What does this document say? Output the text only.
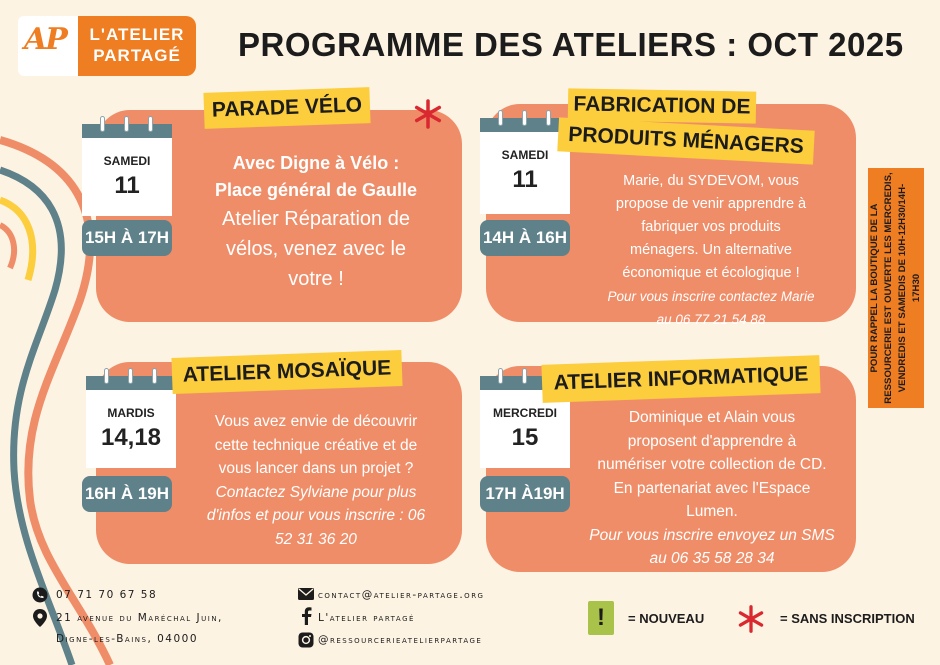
AP	L'ATELIER
PARTAGÉ	PROGRAMME DES ATELIERS : OCT 2025
Avec Digne à Vélo :
Place général de Gaulle
Atelier Réparation de
vélos, venez avec le
votre !
SAMEDI
11
15H À 17H
PARADE VÉLO
Marie, du SYDEVOM, vous
propose de venir apprendre à
fabriquer vos produits
ménagers. Un alternative
économique et écologique !
Pour vous inscrire contactez Marie
au 06 77 21 54 88
SAMEDI
11
14H À 16H
FABRICATION DE
PRODUITS MÉNAGERS
Vous avez envie de découvrir
cette technique créative et de
vous lancer dans un projet ?
Contactez Sylviane pour plus
d'infos et pour vous inscrire : 06
52 31 36 20
MARDIS
14,18
16H À 19H
ATELIER MOSAÏQUE
Dominique et Alain vous
proposent d'apprendre à
numériser votre collection de CD.
En partenariat avec l'Espace
Lumen.
Pour vous inscrire envoyez un SMS
au 06 35 58 28 34
MERCREDI
15
17H À19H
ATELIER INFORMATIQUE
POUR RAPPEL LA BOUTIQUE DE LA RESSOURCERIE EST OUVERTE LES MERCREDIS, VENDREDIS ET SAMEDIS DE 10H-12H30/14H-17H30
07 71 70 67 58
21 avenue du Maréchal Juin,
Digne-les-Bains, 04000
contact@atelier-partage.org
L'atelier partagé
@ressourcerieatelierpartage
! = NOUVEAU	= SANS INSCRIPTION
